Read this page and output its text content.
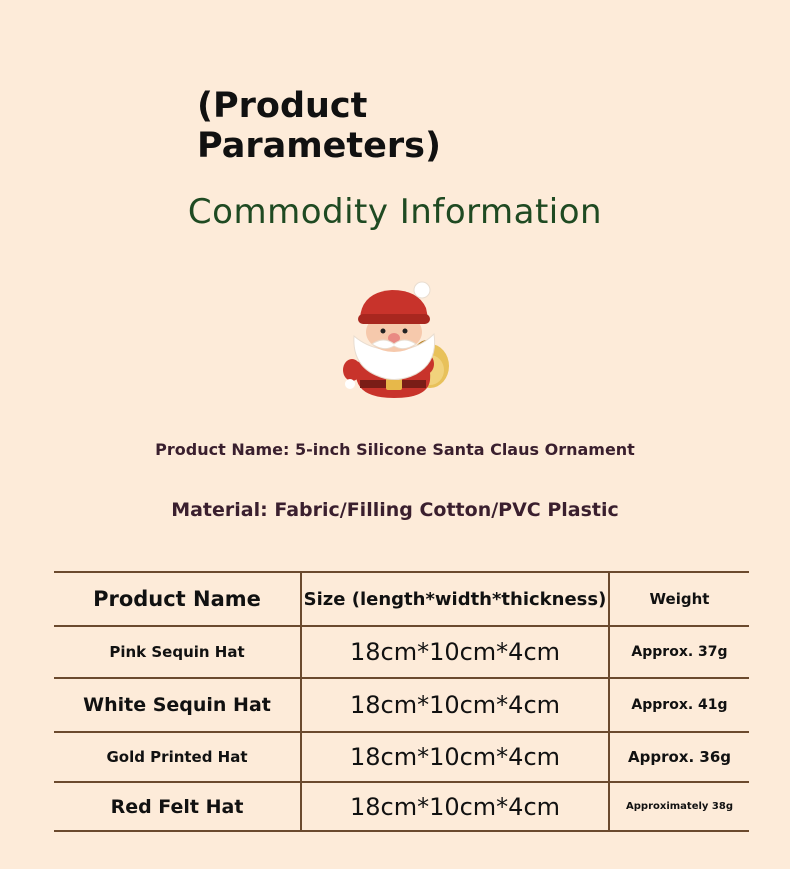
(Product
Parameters)
Commodity Information
Product Name: 5-inch Silicone Santa Claus Ornament
Material: Fabric/Filling Cotton/PVC Plastic
Product Name	Size (length*width*thickness)	Weight
Pink Sequin Hat	18cm*10cm*4cm	Approx. 37g
White Sequin Hat	18cm*10cm*4cm	Approx. 41g
Gold Printed Hat	18cm*10cm*4cm	Approx. 36g
Red Felt Hat	18cm*10cm*4cm	Approximately 38g
